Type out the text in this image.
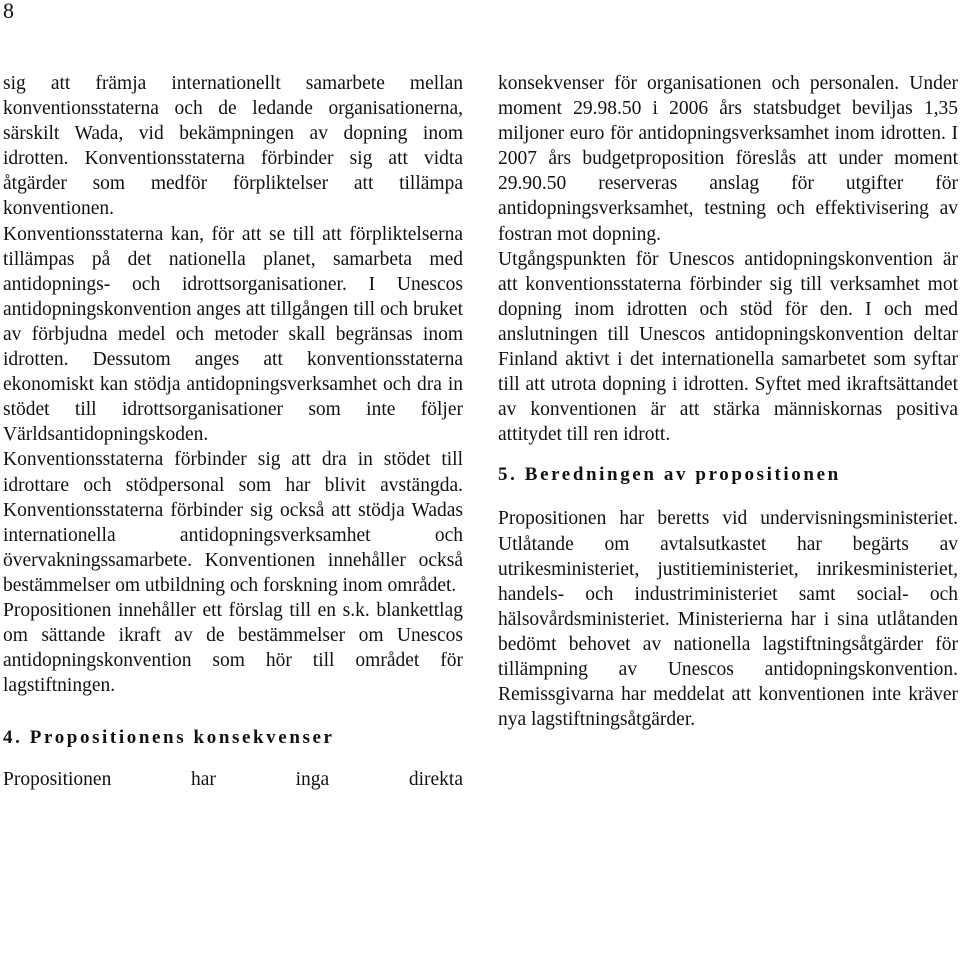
8

sig att främja internationellt samarbete mellan konventionsstaterna och de ledande organisationerna, särskilt Wada, vid bekämpningen av dopning inom idrotten. Konventionsstaterna förbinder sig att vidta åtgärder som medför förpliktelser att tillämpa konventionen.

Konventionsstaterna kan, för att se till att förpliktelserna tillämpas på det nationella planet, samarbeta med antidopnings- och idrottsorganisationer. I Unescos antidopningskonvention anges att tillgången till och bruket av förbjudna medel och metoder skall begränsas inom idrotten. Dessutom anges att konventionsstaterna ekonomiskt kan stödja antidopningsverksamhet och dra in stödet till idrottsorganisationer som inte följer Världsantidopningskoden.

Konventionsstaterna förbinder sig att dra in stödet till idrottare och stödpersonal som har blivit avstängda. Konventionsstaterna förbinder sig också att stödja Wadas internationella antidopningsverksamhet och övervakningssamarbete. Konventionen innehåller också bestämmelser om utbildning och forskning inom området.

Propositionen innehåller ett förslag till en s.k. blankettlag om sättande ikraft av de bestämmelser om Unescos antidopningskonvention som hör till området för lagstiftningen.

4. Propositionens konsekvenser

Propositionen har inga direkta

konsekvenser för organisationen och personalen. Under moment 29.98.50 i 2006 års statsbudget beviljas 1,35 miljoner euro för antidopningsverksamhet inom idrotten. I 2007 års budgetproposition föreslås att under moment 29.90.50 reserveras anslag för utgifter för antidopningsverksamhet, testning och effektivisering av fostran mot dopning.

Utgångspunkten för Unescos antidopningskonvention är att konventionsstaterna förbinder sig till verksamhet mot dopning inom idrotten och stöd för den. I och med anslutningen till Unescos antidopningskonvention deltar Finland aktivt i det internationella samarbetet som syftar till att utrota dopning i idrotten. Syftet med ikraftsättandet av konventionen är att stärka människornas positiva attitydet till ren idrott.

5. Beredningen av propositionen

Propositionen har beretts vid undervisningsministeriet. Utlåtande om avtalsutkastet har begärts av utrikesministeriet, justitieministeriet, inrikesministeriet, handels- och industriministeriet samt social- och hälsovårdsministeriet. Ministerierna har i sina utlåtanden bedömt behovet av nationella lagstiftningsåtgärder för tillämpning av Unescos antidopningskonvention. Remissgivarna har meddelat att konventionen inte kräver nya lagstiftningsåtgärder.
